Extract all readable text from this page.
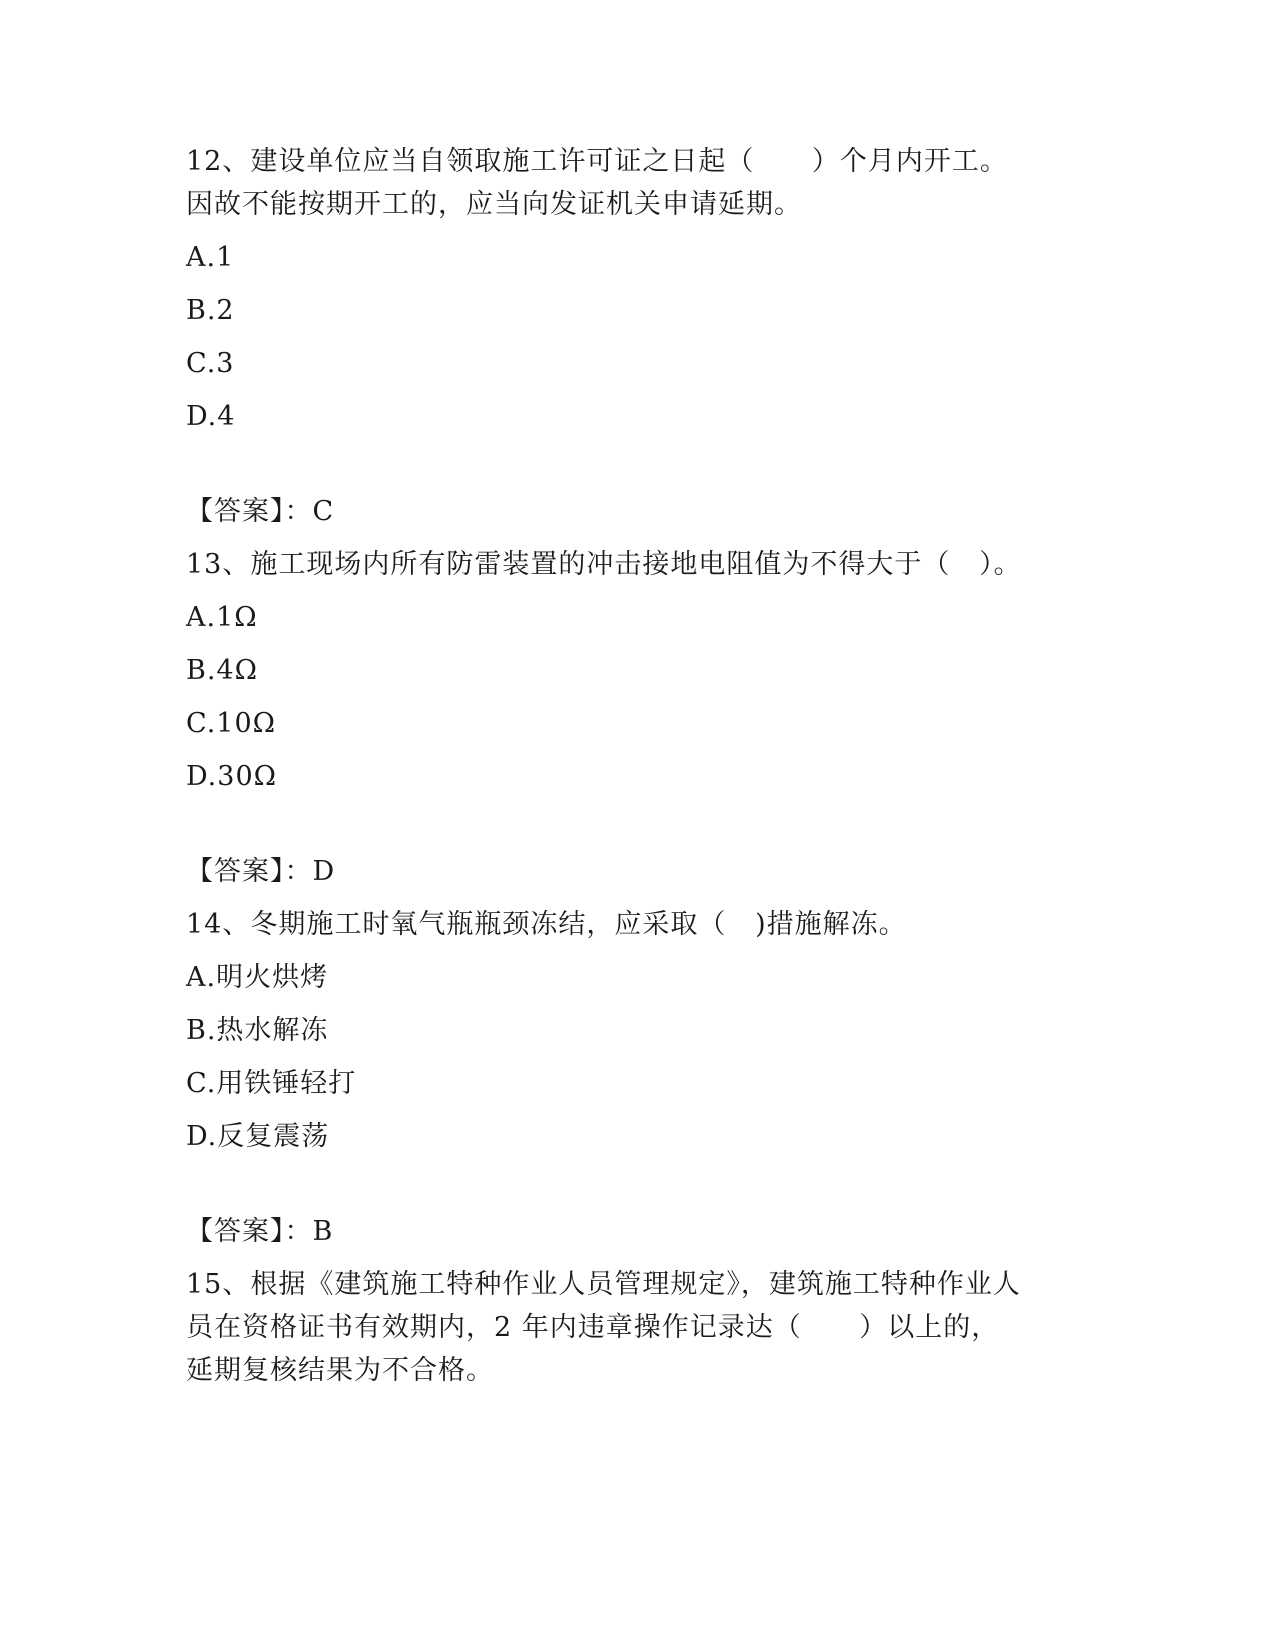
12、建设单位应当自领取施工许可证之日起（      ）个月内开工。
因故不能按期开工的，应当向发证机关申请延期。
A.1
B.2
C.3
D.4
【答案】：C
13、施工现场内所有防雷装置的冲击接地电阻值为不得大于（   ）。
A.1Ω
B.4Ω
C.10Ω
D.30Ω
【答案】：D
14、冬期施工时氧气瓶瓶颈冻结，应采取（   )措施解冻。
A.明火烘烤
B.热水解冻
C.用铁锤轻打
D.反复震荡
【答案】：B
15、根据《建筑施工特种作业人员管理规定》，建筑施工特种作业人
员在资格证书有效期内，2 年内违章操作记录达（      ）以上的，
延期复核结果为不合格。
